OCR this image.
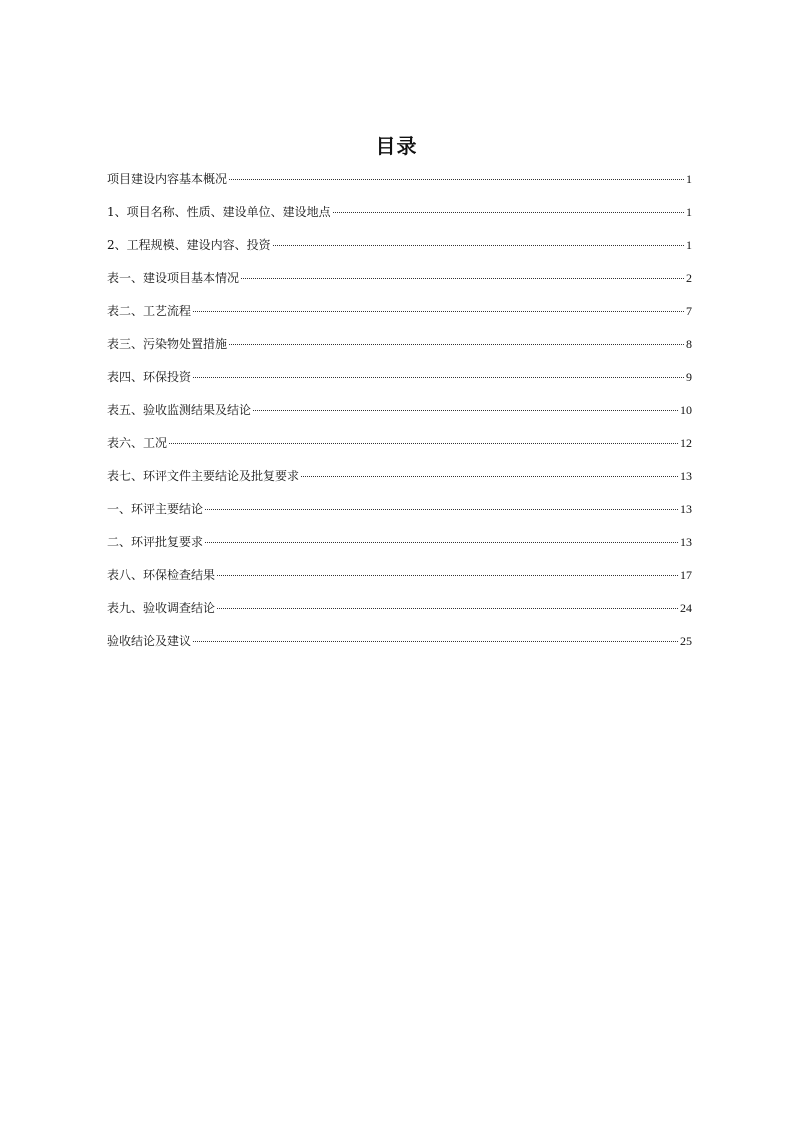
目录
项目建设内容基本概况	1
1、项目名称、性质、建设单位、建设地点	1
2、工程规模、建设内容、投资	1
表一、建设项目基本情况	2
表二、工艺流程	7
表三、污染物处置措施	8
表四、环保投资	9
表五、验收监测结果及结论	10
表六、工况	12
表七、环评文件主要结论及批复要求	13
一、环评主要结论	13
二、环评批复要求	13
表八、环保检查结果	17
表九、验收调查结论	24
验收结论及建议	25
